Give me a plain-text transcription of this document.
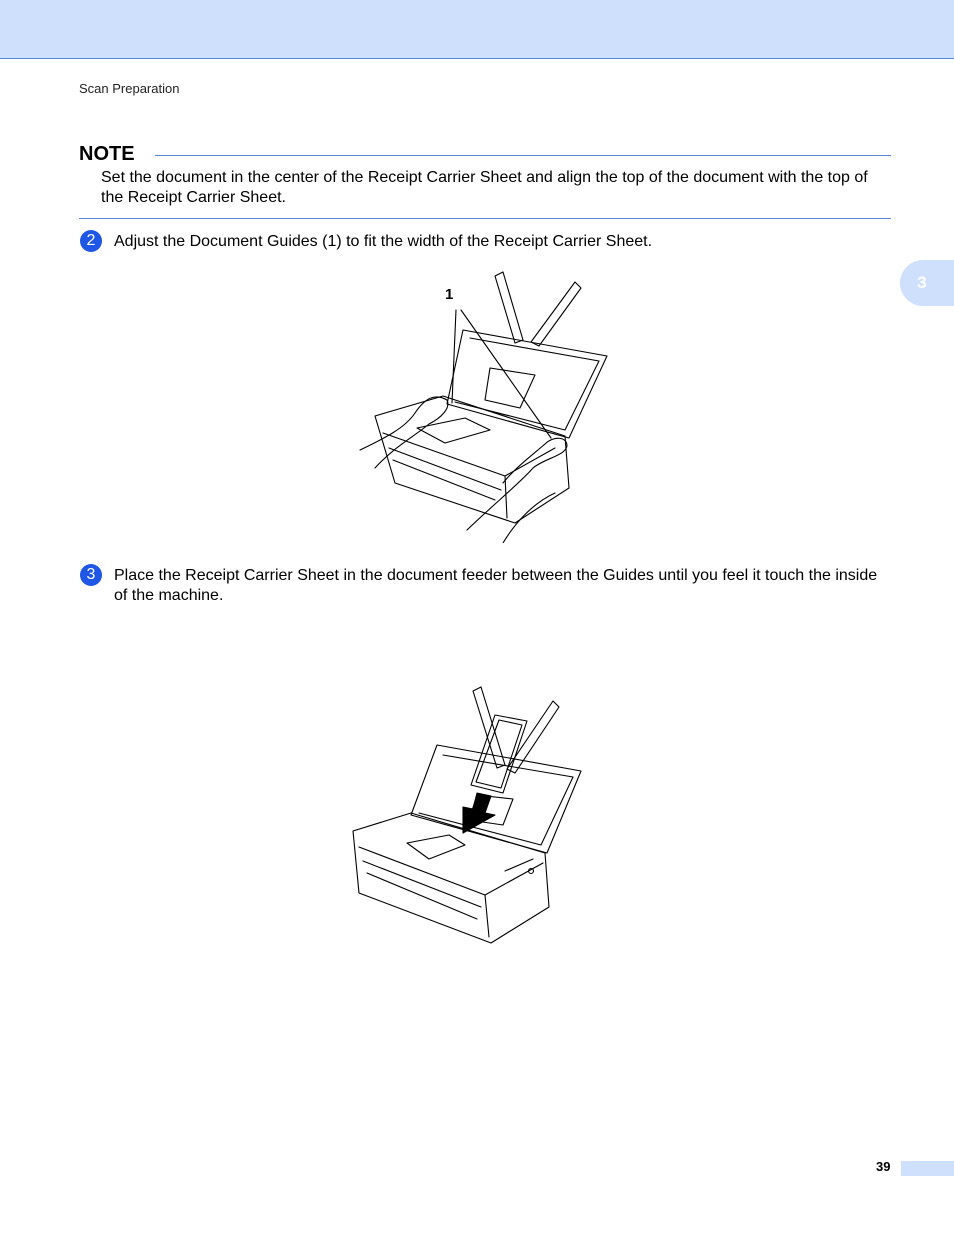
Scan Preparation
3
NOTE
Set the document in the center of the Receipt Carrier Sheet and align the top of the document with the top of the Receipt Carrier Sheet.
2	Adjust the Document Guides (1) to fit the width of the Receipt Carrier Sheet.
1
3	Place the Receipt Carrier Sheet in the document feeder between the Guides until you feel it touch the inside of the machine.
39
